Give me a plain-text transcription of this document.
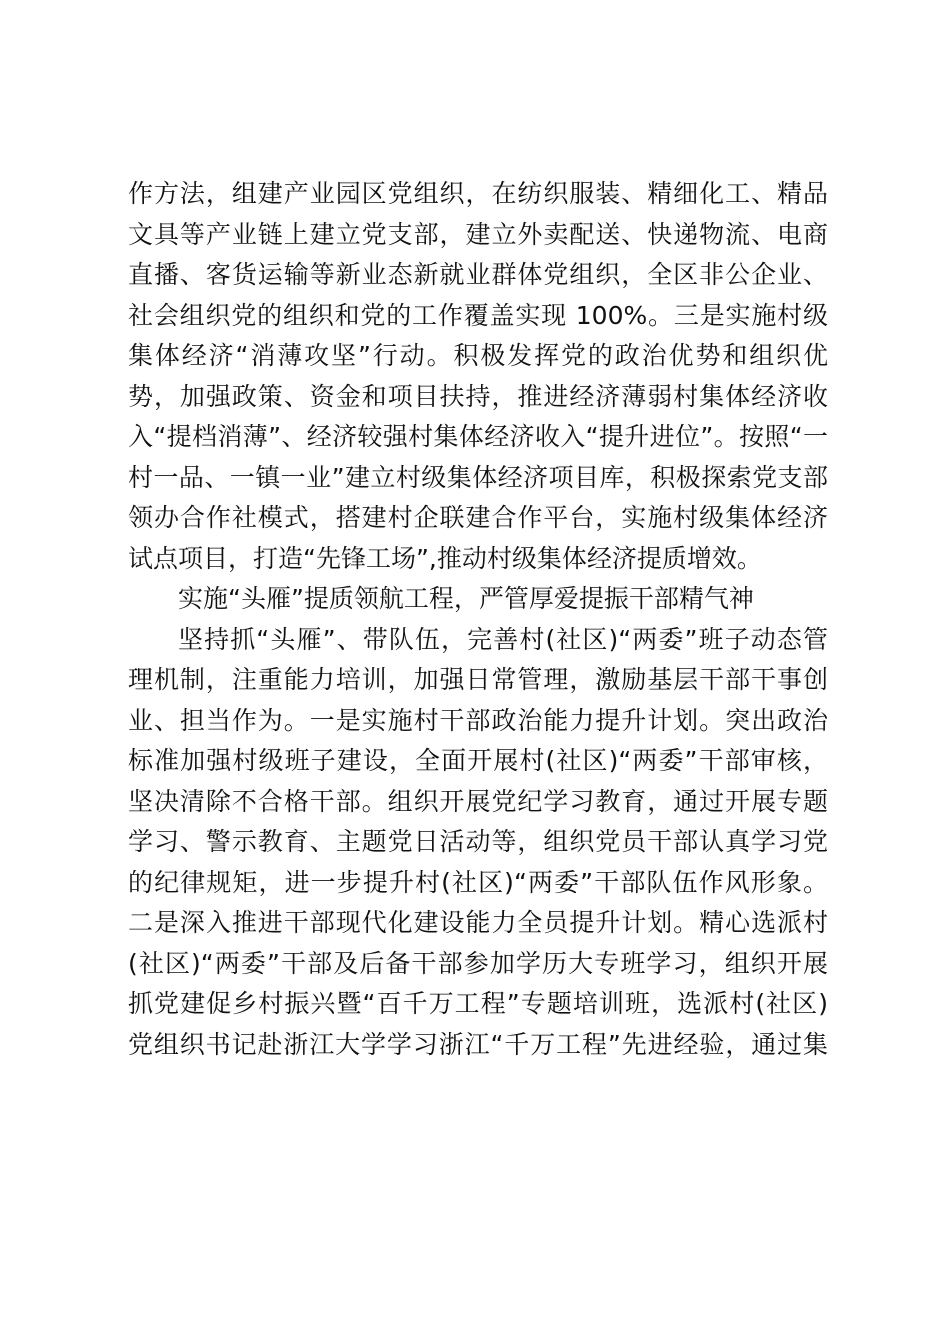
作方法，组建产业园区党组织，在纺织服装、精细化工、精品
文具等产业链上建立党支部，建立外卖配送、快递物流、电商
直播、客货运输等新业态新就业群体党组织，全区非公企业、
社会组织党的组织和党的工作覆盖实现 100%。三是实施村级
集体经济“消薄攻坚”行动。积极发挥党的政治优势和组织优
势，加强政策、资金和项目扶持，推进经济薄弱村集体经济收
入“提档消薄”、经济较强村集体经济收入“提升进位”。按照“一
村一品、一镇一业”建立村级集体经济项目库，积极探索党支部
领办合作社模式，搭建村企联建合作平台，实施村级集体经济
试点项目，打造“先锋工场”,推动村级集体经济提质增效。
实施“头雁”提质领航工程，严管厚爱提振干部精气神
坚持抓“头雁”、带队伍，完善村(社区)“两委”班子动态管
理机制，注重能力培训，加强日常管理，激励基层干部干事创
业、担当作为。一是实施村干部政治能力提升计划。突出政治
标准加强村级班子建设，全面开展村(社区)“两委”干部审核，
坚决清除不合格干部。组织开展党纪学习教育，通过开展专题
学习、警示教育、主题党日活动等，组织党员干部认真学习党
的纪律规矩，进一步提升村(社区)“两委”干部队伍作风形象。
二是深入推进干部现代化建设能力全员提升计划。精心选派村
(社区)“两委”干部及后备干部参加学历大专班学习，组织开展
抓党建促乡村振兴暨“百千万工程”专题培训班，选派村(社区)
党组织书记赴浙江大学学习浙江“千万工程”先进经验，通过集
